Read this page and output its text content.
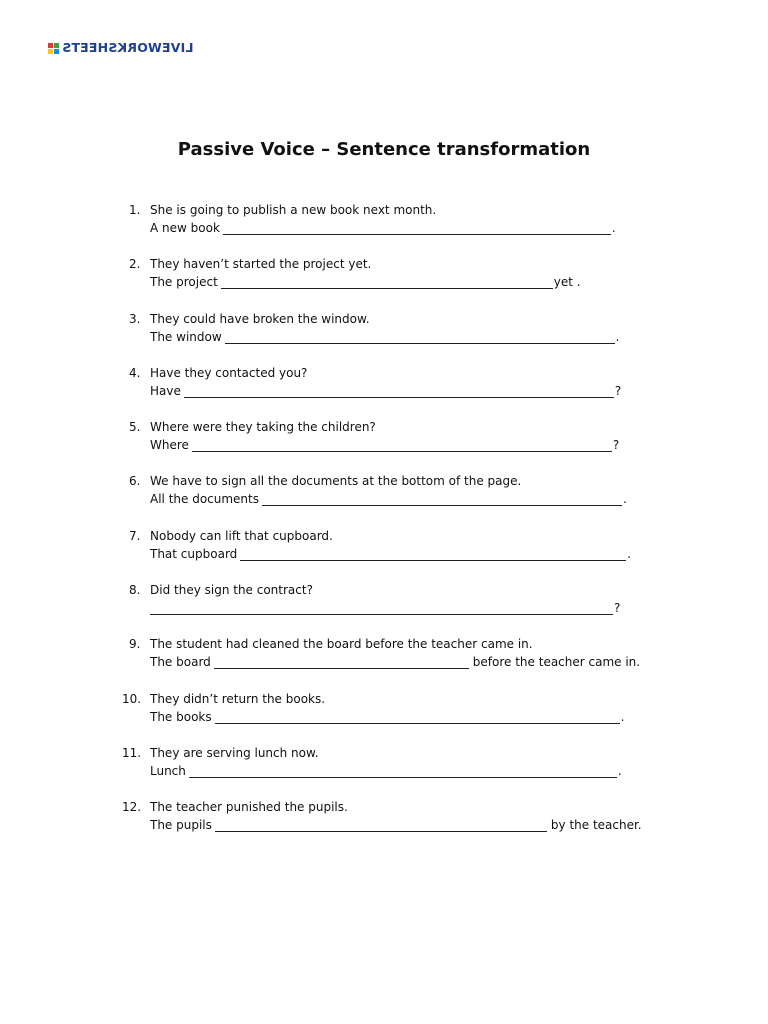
LIVEWORKSHEETS
Passive Voice – Sentence transformation
1. She is going to publish a new book next month.
A new book	.
2. They haven’t started the project yet.
The project	yet .
3. They could have broken the window.
The window	.
4. Have they contacted you?
Have	?
5. Where were they taking the children?
Where	?
6. We have to sign all the documents at the bottom of the page.
All the documents	.
7. Nobody can lift that cupboard.
That cupboard	.
8. Did they sign the contract?
?
9. The student had cleaned the board before the teacher came in.
The board	before the teacher came in.
10. They didn’t return the books.
The books	.
11. They are serving lunch now.
Lunch	.
12. The teacher punished the pupils.
The pupils	by the teacher.
